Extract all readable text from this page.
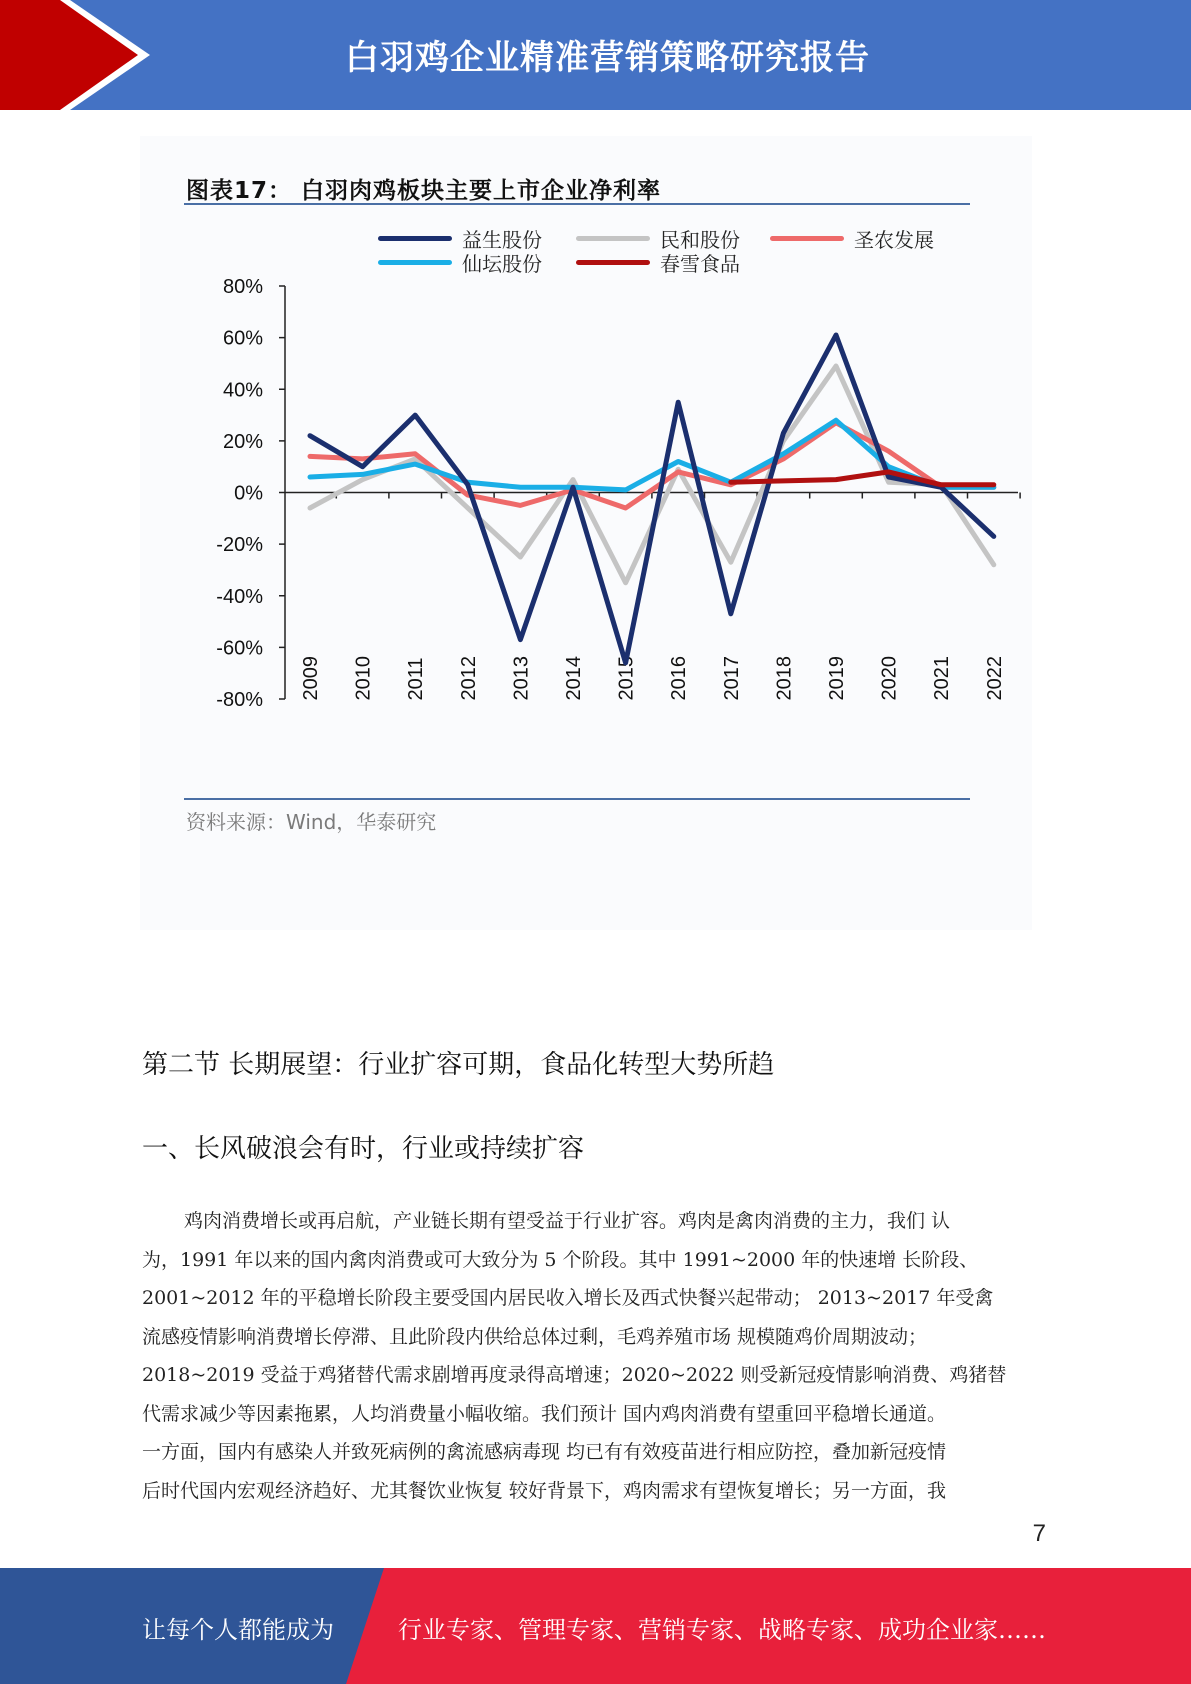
白羽鸡企业精准营销策略研究报告
80%
60%
40%
20%
0%
-20%
-40%
-60%
-80% 2009 2010 2011 2012 2013 2014 2015 2016 2017 2018 2019 2020 2021 2022
图表17： 白羽肉鸡板块主要上市企业净利率
益生股份	民和股份	圣农发展
仙坛股份	春雪食品
资料来源：Wind，华泰研究
第二节 长期展望：行业扩容可期，食品化转型大势所趋
一、长风破浪会有时，行业或持续扩容
鸡肉消费增长或再启航，产业链长期有望受益于行业扩容。鸡肉是禽肉消费的主力，我们 认
为，1991 年以来的国内禽肉消费或可大致分为 5 个阶段。其中 1991~2000 年的快速增 长阶段、
2001~2012 年的平稳增长阶段主要受国内居民收入增长及西式快餐兴起带动； 2013~2017 年受禽
流感疫情影响消费增长停滞、且此阶段内供给总体过剩，毛鸡养殖市场 规模随鸡价周期波动；
2018~2019 受益于鸡猪替代需求剧增再度录得高增速；2020~2022 则受新冠疫情影响消费、鸡猪替
代需求减少等因素拖累，人均消费量小幅收缩。我们预计 国内鸡肉消费有望重回平稳增长通道。
一方面，国内有感染人并致死病例的禽流感病毒现 均已有有效疫苗进行相应防控，叠加新冠疫情
后时代国内宏观经济趋好、尤其餐饮业恢复 较好背景下，鸡肉需求有望恢复增长；另一方面，我
7
让每个人都能成为	行业专家、管理专家、营销专家、战略专家、成功企业家……
